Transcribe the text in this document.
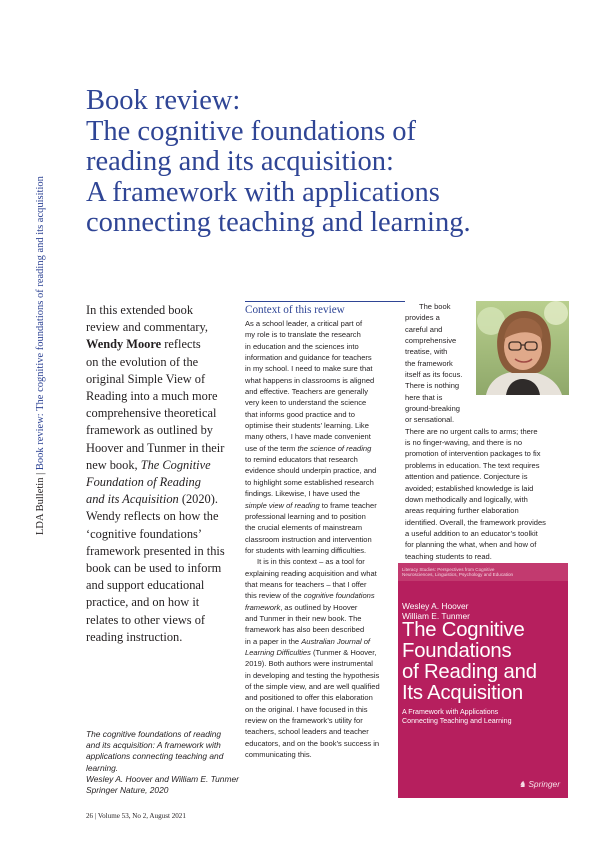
LDA Bulletin | Book review: The cognitive foundations of reading and its acquisition
Book review:
The cognitive foundations of
reading and its acquisition:
A framework with applications
connecting teaching and learning.
In this extended book
review and commentary,
Wendy Moore reflects
on the evolution of the
original Simple View of
Reading into a much more
comprehensive theoretical
framework as outlined by
Hoover and Tunmer in their
new book, The Cognitive
Foundation of Reading
and its Acquisition (2020).
Wendy reflects on how the
‘cognitive foundations’
framework presented in this
book can be used to inform
and support educational
practice, and on how it
relates to other views of
reading instruction.
The cognitive foundations of reading
and its acquisition: A framework with
applications connecting teaching and
learning.
Wesley A. Hoover and William E. Tunmer
Springer Nature, 2020
Context of this review
As a school leader, a critical part of
my role is to translate the research
in education and the sciences into
information and guidance for teachers
in my school. I need to make sure that
what happens in classrooms is aligned
and effective. Teachers are generally
very keen to understand the science
that informs good practice and to
optimise their students’ learning. Like
many others, I have made convenient
use of the term the science of reading
to remind educators that research
evidence should underpin practice, and
to highlight some established research
findings. Likewise, I have used the
simple view of reading to frame teacher
professional learning and to position
the crucial elements of mainstream
classroom instruction and intervention
for students with learning difficulties.
It is in this context – as a tool for
explaining reading acquisition and what
that means for teachers – that I offer
this review of the cognitive foundations
framework, as outlined by Hoover
and Tunmer in their new book. The
framework has also been described
in a paper in the Australian Journal of
Learning Difficulties (Tunmer & Hoover,
2019). Both authors were instrumental
in developing and testing the hypothesis
of the simple view, and are well qualified
and positioned to offer this elaboration
on the original. I have focused in this
review on the framework’s utility for
teachers, school leaders and teacher
educators, and on the book’s success in
communicating this.
The book
provides a
careful and
comprehensive
treatise, with
the framework
itself as its focus.
There is nothing
here that is
ground-breaking
or sensational.
There are no urgent calls to arms; there
is no finger-waving, and there is no
promotion of intervention packages to fix
problems in education. The text requires
attention and patience. Conjecture is
avoided; established knowledge is laid
down methodically and logically, with
areas requiring further elaboration
identified. Overall, the framework provides
a useful addition to an educator’s toolkit
for planning the what, when and how of
teaching students to read.
Literacy Studies: Perspectives from Cognitive
Neurosciences, Linguistics, Psychology and Education
Wesley A. Hoover
William E. Tunmer
The Cognitive
Foundations
of Reading and
Its Acquisition
A Framework with Applications
Connecting Teaching and Learning
♞ Springer
26 | Volume 53, No 2, August 2021
